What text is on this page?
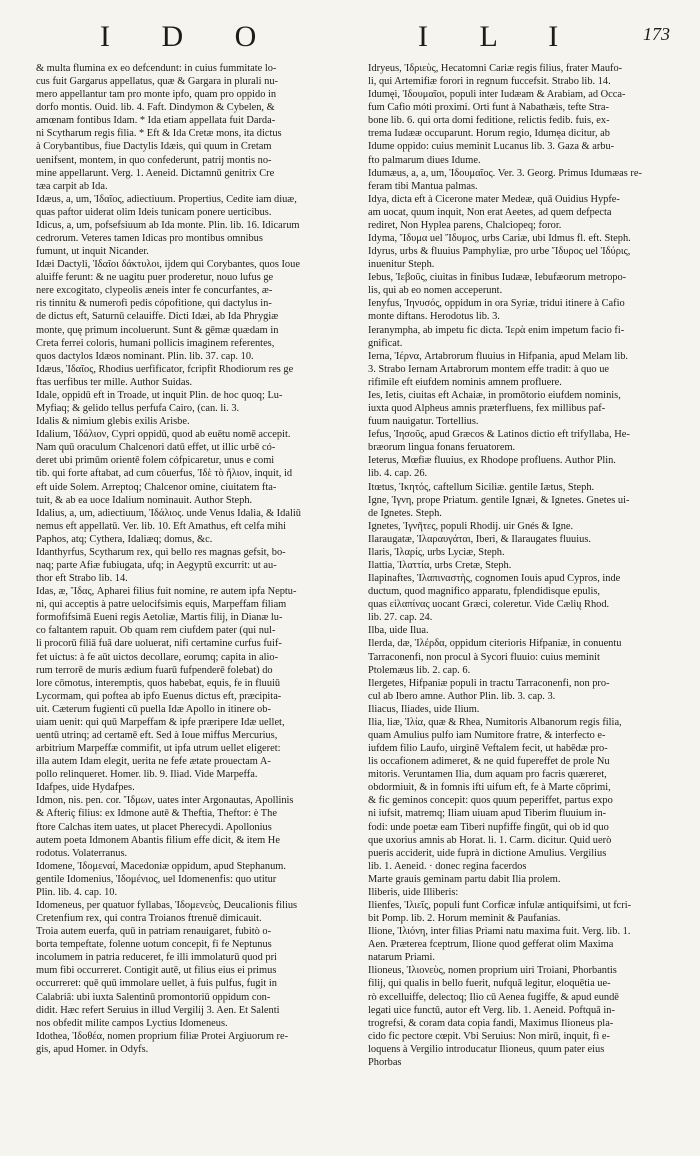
I D O	I L I	173
& multa flumina ex eo defcendunt: in cuius fummitate lo-
cus fuit Gargarus appellatus, quæ & Gargara in plurali nu-
mero appellantur tam pro monte ipfo, quam pro oppido in
dorfo montis. Ouid. lib. 4. Faft. Dindymon & Cybelen, &
amœnam fontibus Idam. * Ida etiam appellata fuit Darda-
ni Scytharum regis filia. * Eft & Ida Cretæ mons, ita dictus
à Corybantibus, fiue Dactylis Idæis, qui quum in Cretam
uenifsent, montem, in quo confederunt, patrij montis no-
mine appellarunt. Verg. 1. Aeneid. Dictamnū genitrix Cre
tæa carpit ab Ida.
Idæus, a, um, Ἰδαῖος, adiectiuum. Propertius, Cedite iam diuæ,
quas paftor uiderat olim Ideis tunicam ponere uerticibus.
Idicus, a, um, pofsefsiuum ab Ida monte. Plin. lib. 16. Idicarum
cedrorum. Veteres tamen Idicas pro montibus omnibus
fumunt, ut inquit Nicander.
Idæi Dactyli, Ἰδαῖοι δάκτυλοι, ijdem qui Corybantes, quos Ioue
aluiffe ferunt: & ne uagitu puer proderetur, nouo lufus ge
nere excogitato, clypeolis æneis inter fe concurfantes, æ-
ris tinnitu & numerofi pedis cópofitione, qui dactylus in-
de dictus eft, Saturnū celauiffe. Dicti Idæi, ab Ida Phrygiæ
monte, quę primum incoluerunt. Sunt & gēmæ quædam in
Creta ferrei coloris, humani pollicis imaginem referentes,
quos dactylos Idæos nominant. Plin. lib. 37. cap. 10.
Idæus, Ἰδαῖος, Rhodius uerfificator, fcripfit Rhodiorum res ge
ftas uerfibus ter mille. Author Suidas.
Idale, oppidū eft in Troade, ut inquit Plin. de hoc quoq; Lu-
Myfiaq; & gelido tellus perfufa Cairo, (can. li. 3.
Idalis & nimium glebis exilis Arisbe.
Idalium, Ἰδάλιον, Cypri oppidū, quod ab euētu nomē accepit.
Nam quū oraculum Chalcenori datū effet, ut illic urbē có-
deret ubi primūm orientē folem cófpicaretur, unus e comi
tib. qui forte aftabat, ad cum côuerfus, Ἰδὲ τὸ ἥλιον, inquit, id
eft uide Solem. Arreptoq; Chalcenor omine, ciuitatem fta-
tuit, & ab ea uoce Idalium nominauit. Author Steph.
Idalius, a, um, adiectiuum, Ἰδάλιος. unde Venus Idalia, & Idaliū
nemus eft appellatū. Ver. lib. 10. Eft Amathus, eft celfa mihi
Paphos, atq; Cythera, Idaliæq; domus, &c.
Idanthyrfus, Scytharum rex, qui bello res magnas gefsit, bo-
naq; parte Afiæ fubiugata, ufq; in Aegyptū excurrit: ut au-
thor eft Strabo lib. 14.
Idas, æ, Ἴδας, Apharei filius fuit nomine, re autem ipfa Neptu-
ni, qui acceptis à patre uelocifsimis equis, Marpeffam filiam
formofifsimā Eueni regis Aetoliæ, Martis filij, in Dianæ lu-
co faltantem rapuit. Ob quam rem ciufdem pater (qui nul-
li procorū filiā fuā dare uoluerat, nifi certamine curfus fuif-
fet uictus: à fe aūt uictos decollare, eorumq; capita in alio-
rum terrorē de muris ædium fuarū fufpenderē folebat) do
lore cōmotus, interemptis, quos habebat, equis, fe in fluuiū
Lycormam, qui poftea ab ipfo Euenus dictus eft, præcipita-
uit. Cæterum fugienti cū puella Idæ Apollo in itinere ob-
uiam uenit: qui quū Marpeffam & ipfe præripere Idæ uellet,
uentū utrinq; ad certamē eft. Sed à Ioue miffus Mercurius,
arbitrium Marpeffæ commifit, ut ipfa utrum uellet eligeret:
illa autem Idam elegit, uerita ne fefe ætate prouectam A-
pollo relinqueret. Homer. lib. 9. Iliad. Vide Marpeffa.
Idafpes, uide Hydafpes.
Idmon, nis. pen. cor. Ἴδμων, uates inter Argonautas, Apollinis
& Afteriç filius: ex Idmone autē & Theftia, Theftor: è The
ftore Calchas item uates, ut placet Pherecydi. Apollonius
autem poeta Idmonem Abantis filium effe dicit, & item He
rodotus. Volaterranus.
Idomene, Ἰδομεναί, Macedoniæ oppidum, apud Stephanum.
gentile Idomenius, Ἰδομένιος, uel Idomenenfis: quo utitur
Plin. lib. 4. cap. 10.
Idomeneus, per quatuor fyllabas, Ἰδομενεὺς, Deucalionis filius
Cretenfium rex, qui contra Troianos ftrenuē dimicauit.
Troia autem euerfa, quū in patriam renauigaret, fubitò o-
borta tempeftate, folenne uotum concepit, fi fe Neptunus
incolumem in patria reduceret, fe illi immolaturū quod pri
mum fibi occurreret. Contigit autē, ut filius eius ei primus
occurreret: quē quū immolare uellet, à fuis pulfus, fugit in
Calabriã: ubi iuxta Salentinū promontoriū oppidum con-
didit. Hæc refert Seruius in illud Vergilij 3. Aen. Et Salenti
nos obfedit milite campos Lyctius Idomeneus.
Idothea, Ἰδοθέα, nomen proprium filiæ Protei Argiuorum re-
gis, apud Homer. in Odyfs.
Idryeus, Ἰδριεὺς, Hecatomni Cariæ regis filius, frater Maufo-
li, qui Artemifiæ forori in regnum fuccefsit. Strabo lib. 14.
Idumęi, Ἰδουμαῖοι, populi inter Iudæam & Arabiam, ad Occa-
fum Cafio móti proximi. Orti funt à Nabathæis, tefte Stra-
bone lib. 6. qui orta domi feditione, relictis fedib. fuis, ex-
trema Iudææ occuparunt. Horum regio, Idumęa dicitur, ab
Idume oppido: cuius meminit Lucanus lib. 3. Gaza & arbu-
fto palmarum diues Idume.
Idumæus, a, a, um, Ἰδουμαῖος. Ver. 3. Georg. Primus Idumæas re-
feram tibi Mantua palmas.
Idya, dicta eft à Cicerone mater Medeæ, quā Ouidius Hypfe-
am uocat, quum inquit, Non erat Aeetes, ad quem defpecta
rediret, Non Hyplea parens, Chalciopeq; foror.
Idyma, Ἴδυμα uel Ἴδυμος, urbs Cariæ, ubi Idmus fl. eft. Steph.
Idyrus, urbs & fluuius Pamphyliæ, pro urbe Ἴδυρος uel Ἰδύρις,
inuenitur Steph.
Iebus, Ἰεβοῦς, ciuitas in finibus Iudææ, Iebufæorum metropo-
lis, qui ab eo nomen acceperunt.
Ienyfus, Ἰηνυσός, oppidum in ora Syriæ, tridui itinere à Cafio
monte diftans. Herodotus lib. 3.
Ieranympha, ab impetu fic dicta. Ἱερὰ enim impetum facio fi-
gnificat.
Ierna, Ἰέρνα, Artabrorum fluuius in Hifpania, apud Melam lib.
3. Strabo Iernam Artabrorum montem effe tradit: à quo ue
rifimile eft eiufdem nominis amnem profluere.
Ies, Ietis, ciuitas eft Achaiæ, in promōtorio eiufdem nominis,
iuxta quod Alpheus amnis præterfluens, fex millibus paf-
fuum nauigatur. Tortellius.
Iefus, Ἰησοῦς, apud Græcos & Latinos dictio eft trifyllaba, He-
bræorum lingua fonans feruatorem.
Ieterus, Mœfiæ fluuius, ex Rhodope profluens. Author Plin.
lib. 4. cap. 26.
Itœtus, Ἰκητός, caftellum Siciliæ. gentile Iætus, Steph.
Igne, Ἰγνη, prope Priatum. gentile Ignæi, & Ignetes. Gnetes ui-
de Ignetes. Steph.
Ignetes, Ἰγνῆτες, populi Rhodij. uir Gnés & Igne.
Ilaraugatæ, Ἰλαραυγάται, Iberi, & Ilaraugates fluuius.
Ilaris, Ἰλαρίς, urbs Lyciæ, Steph.
Ilattia, Ἰλαττία, urbs Cretæ, Steph.
Ilapinaftes, Ἰλαπιναστὴς, cognomen Iouis apud Cypros, inde
ductum, quod magnifico apparatu, fplendidisque epulis,
quas εἰλαπίνας uocant Græci, coleretur. Vide Cælių Rhod.
lib. 27. cap. 24.
Ilba, uide Ilua.
Ilerda, dæ, Ἰλέρδα, oppidum citerioris Hifpaniæ, in conuentu
Tarraconenfi, non procul à Sycori fluuio: cuius meminit
Ptolemæus lib. 2. cap. 6.
Ilergetes, Hifpaniæ populi in tractu Tarraconenfi, non pro-
cul ab Ibero amne. Author Plin. lib. 3. cap. 3.
Iliacus, Iliades, uide Ilium.
Ilia, liæ, Ἰλία, quæ & Rhea, Numitoris Albanorum regis filia,
quam Amulius pulfo iam Numitore fratre, & interfecto e-
iufdem filio Laufo, uirginē Veftalem fecit, ut habēdæ pro-
lis occafionem adimeret, & ne quid fupereffet de prole Nu
mitoris. Veruntamen Ilia, dum aquam pro facris quæreret,
obdormiuit, & in fomnis ifti uifum eft, fe à Marte cōprimi,
& fic geminos concepit: quos quum peperiffet, partus expo
ni iufsit, matremq; Iliam uiuam apud Tiberim fluuium in-
fodi: unde poetæ eam Tiberi nupfiffe fingūt, qui ob id quo
que uxorius amnis ab Horat. li. 1. Carm. dicitur. Quid uerò
pueris acciderit, uide fuprà in dictione Amulius. Vergilius
lib. 1. Aeneid. · donec regina facerdos
Marte grauis geminam partu dabit Ilia prolem.
Iliberis, uide Illiberis:
Ilienfes, Ἰλιεῖς, populi funt Corficæ infulæ antiquifsimi, ut fcri-
bit Pomp. lib. 2. Horum meminit & Paufanias.
Ilione, Ἰλιόνη, inter filias Priami natu maxima fuit. Verg. lib. 1.
Aen. Præterea fceptrum, Ilione quod gefferat olim Maxima
natarum Priami.
Ilioneus, Ἰλιονεὺς, nomen proprium uiri Troiani, Phorbantis
filij, qui qualis in bello fuerit, nufquā legitur, eloquētia ue-
rò excelluiffe, delectoq; Ilio cū Aenea fugiffe, & apud eundē
legati uice functū, autor eft Verg. lib. 1. Aeneid. Poftquā in-
trogrefsi, & coram data copia fandi, Maximus Ilioneus pla-
cido fic pectore cœpit. Vbi Seruius: Non mirū, inquit, fi e-
loquens à Vergilio introducatur Ilioneus, quum pater eius
Phorbas
